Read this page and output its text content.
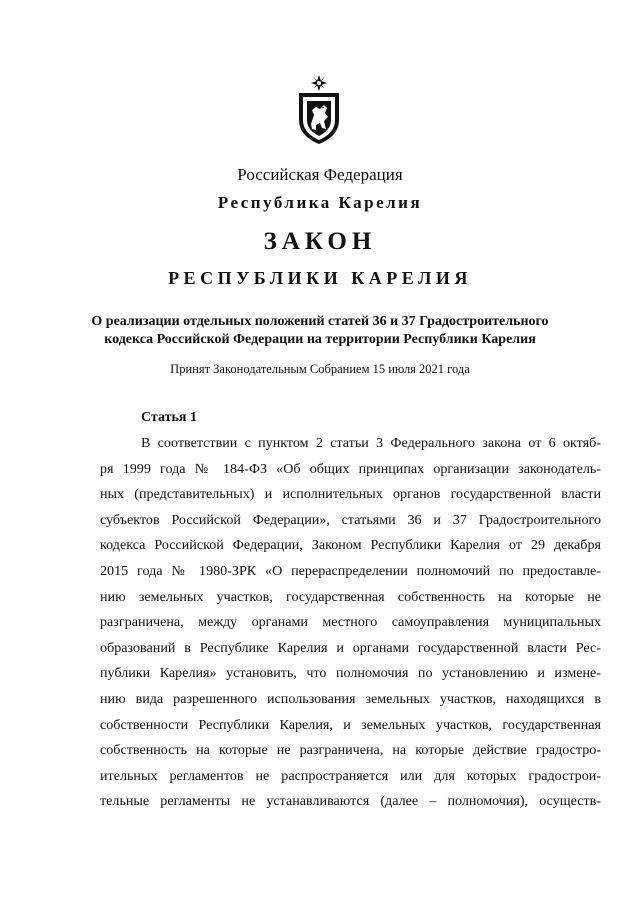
Российская Федерация
Республика Карелия
ЗАКОН
РЕСПУБЛИКИ КАРЕЛИЯ
О реализации отдельных положений статей 36 и 37 Градостроительного
кодекса Российской Федерации на территории Республики Карелия
Принят Законодательным Собранием 15 июля 2021 года
Статья 1
В соответствии с пунктом 2 статьи 3 Федерального закона от 6 октяб-
ря 1999 года № 184-ФЗ «Об общих принципах организации законодатель-
ных (представительных) и исполнительных органов государственной власти
субъектов Российской Федерации», статьями 36 и 37 Градостроительного
кодекса Российской Федерации, Законом Республики Карелия от 29 декабря
2015 года № 1980-ЗРК «О перераспределении полномочий по предоставле-
нию земельных участков, государственная собственность на которые не
разграничена, между органами местного самоуправления муниципальных
образований в Республике Карелия и органами государственной власти Рес-
публики Карелия» установить, что полномочия по установлению и измене-
нию вида разрешенного использования земельных участков, находящихся в
собственности Республики Карелия, и земельных участков, государственная
собственность на которые не разграничена, на которые действие градостро-
ительных регламентов не распространяется или для которых градострои-
тельные регламенты не устанавливаются (далее – полномочия), осуществ-
